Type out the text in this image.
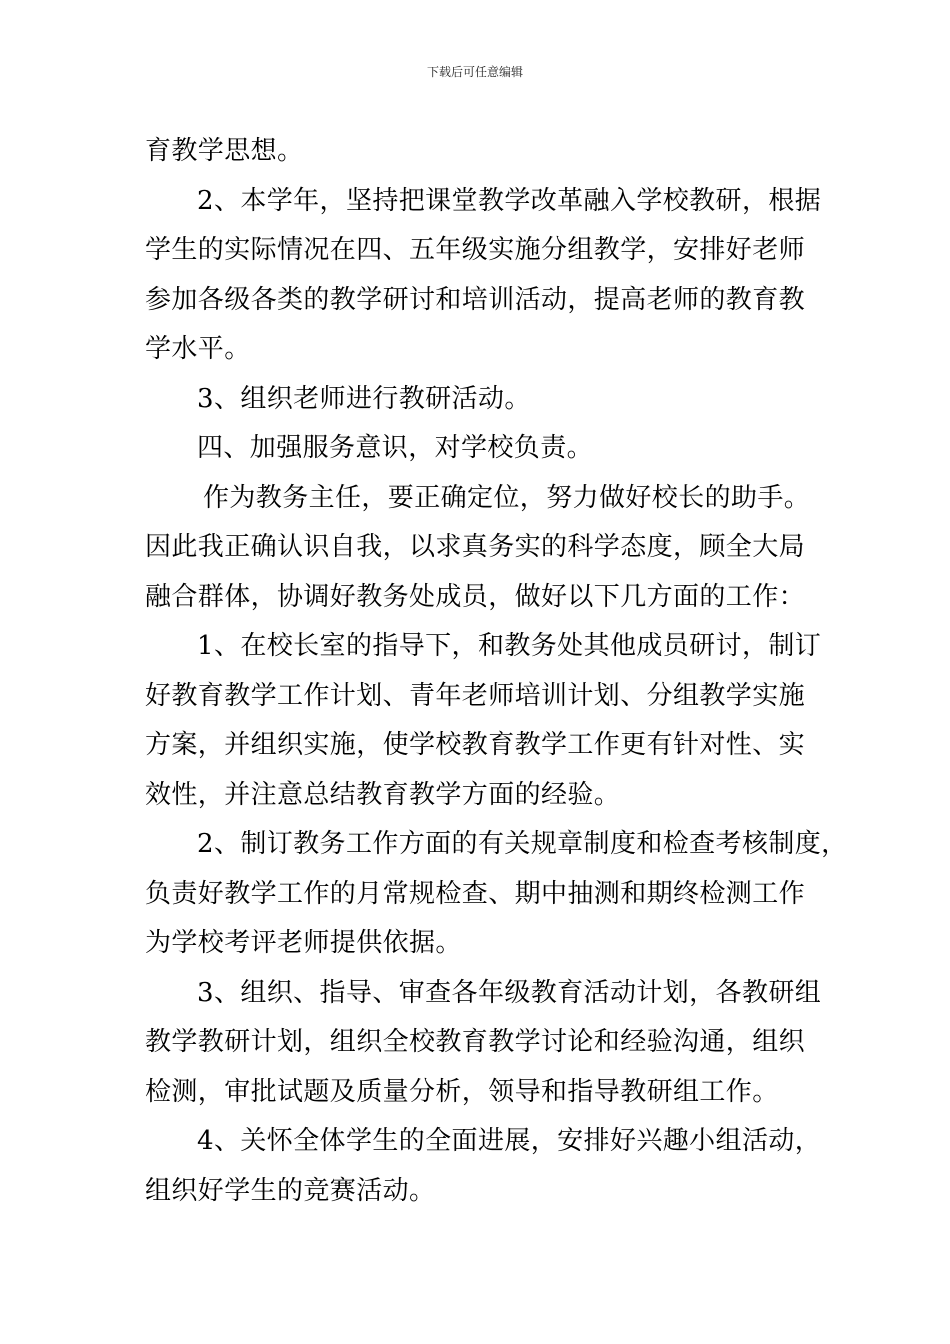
下载后可任意编辑
育教学思想。
2、本学年，坚持把课堂教学改革融入学校教研，根据
学生的实际情况在四、五年级实施分组教学，安排好老师
参加各级各类的教学研讨和培训活动，提高老师的教育教
学水平。
3、组织老师进行教研活动。
四、加强服务意识，对学校负责。
作为教务主任，要正确定位，努力做好校长的助手。
因此我正确认识自我，以求真务实的科学态度，顾全大局
融合群体，协调好教务处成员，做好以下几方面的工作：
1、在校长室的指导下，和教务处其他成员研讨，制订
好教育教学工作计划、青年老师培训计划、分组教学实施
方案，并组织实施，使学校教育教学工作更有针对性、实
效性，并注意总结教育教学方面的经验。
2、制订教务工作方面的有关规章制度和检查考核制度，
负责好教学工作的月常规检查、期中抽测和期终检测工作
为学校考评老师提供依据。
3、组织、指导、审查各年级教育活动计划，各教研组
教学教研计划，组织全校教育教学讨论和经验沟通，组织
检测，审批试题及质量分析，领导和指导教研组工作。
4、关怀全体学生的全面进展，安排好兴趣小组活动，
组织好学生的竞赛活动。
